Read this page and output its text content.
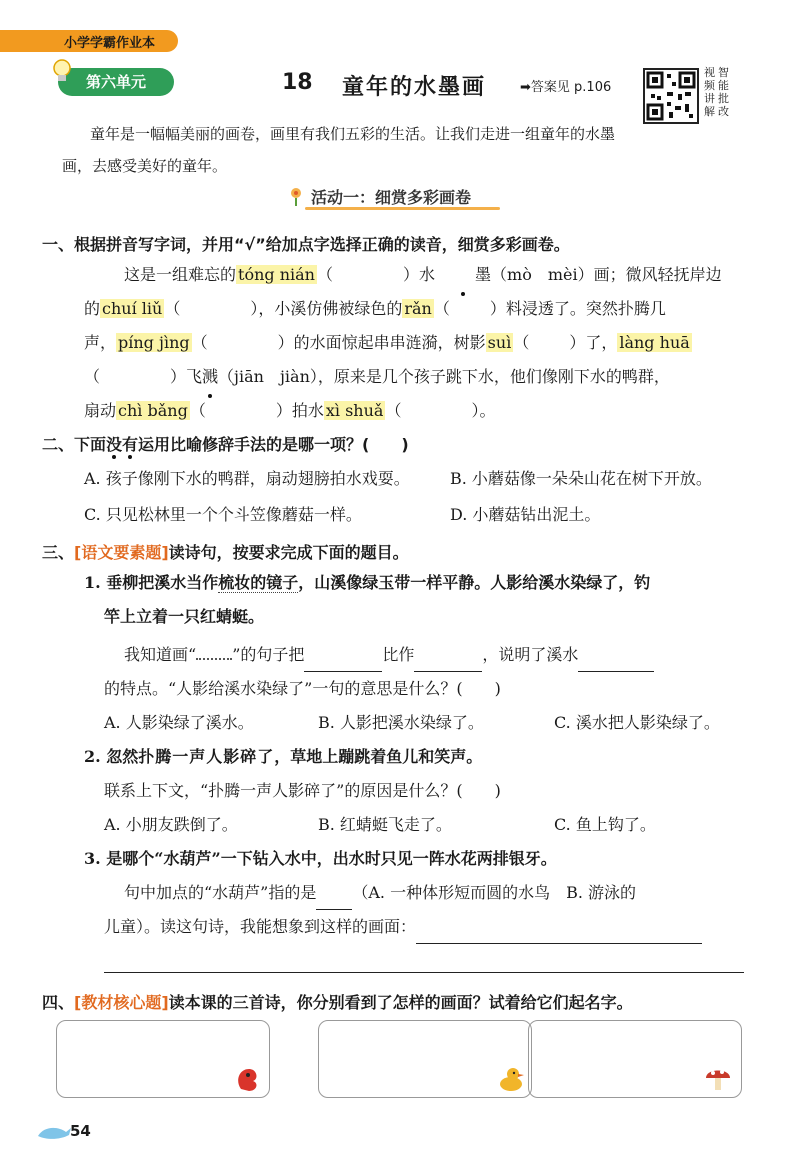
小学学霸作业本
第六单元	18 童年的水墨画	➡答案见 p.106
视 智
频 能
讲 批
解 改
童年是一幅幅美丽的画卷，画里有我们五彩的生活。让我们走进一组童年的水墨画，去感受美好的童年。
活动一：细赏多彩画卷
一、根据拼音写字词，并用“√”给加点字选择正确的读音，细赏多彩画卷。
这是一组难忘的 tóng nián （	）水	墨（mò　mèi）画；微风轻抚岸边
的 chuí liǔ （	），小溪仿佛被绿色的 rǎn （	）料浸透了。突然扑腾几
声， píng jìng （	）的水面惊起串串涟漪，树影 suì （	）了， làng huā
（	）飞溅（jiān　jiàn），原来是几个孩子跳下水，他们像刚下水的鸭群，
扇动 chì bǎng （	）拍水 xì shuǎ （	）。
二、下面没有运用比喻修辞手法的是哪一项？(　　)
A. 孩子像刚下水的鸭群，扇动翅膀拍水戏耍。	B. 小蘑菇像一朵朵山花在树下开放。
C. 只见松林里一个个斗笠像蘑菇一样。	D. 小蘑菇钻出泥土。
三、[语文要素题]读诗句，按要求完成下面的题目。
1. 垂柳把溪水当作梳妆的镜子，山溪像绿玉带一样平静。人影给溪水染绿了，钓
竿上立着一只红蜻蜓。
我知道画“ ”的句子把	比作	，说明了溪水
的特点。“人影给溪水染绿了”一句的意思是什么？(　　)
A. 人影染绿了溪水。	B. 人影把溪水染绿了。	C. 溪水把人影染绿了。
2. 忽然扑腾一声人影碎了，草地上蹦跳着鱼儿和笑声。
联系上下文，“扑腾一声人影碎了”的原因是什么？(　　)
A. 小朋友跌倒了。	B. 红蜻蜓飞走了。	C. 鱼上钩了。
3. 是哪个“水葫芦”一下钻入水中，出水时只见一阵水花两排银牙。
句中加点的“水葫芦”指的是 （A. 一种体形短而圆的水鸟　B. 游泳的
儿童）。读这句诗，我能想象到这样的画面：
四、[教材核心题]读本课的三首诗，你分别看到了怎样的画面？试着给它们起名字。
54
